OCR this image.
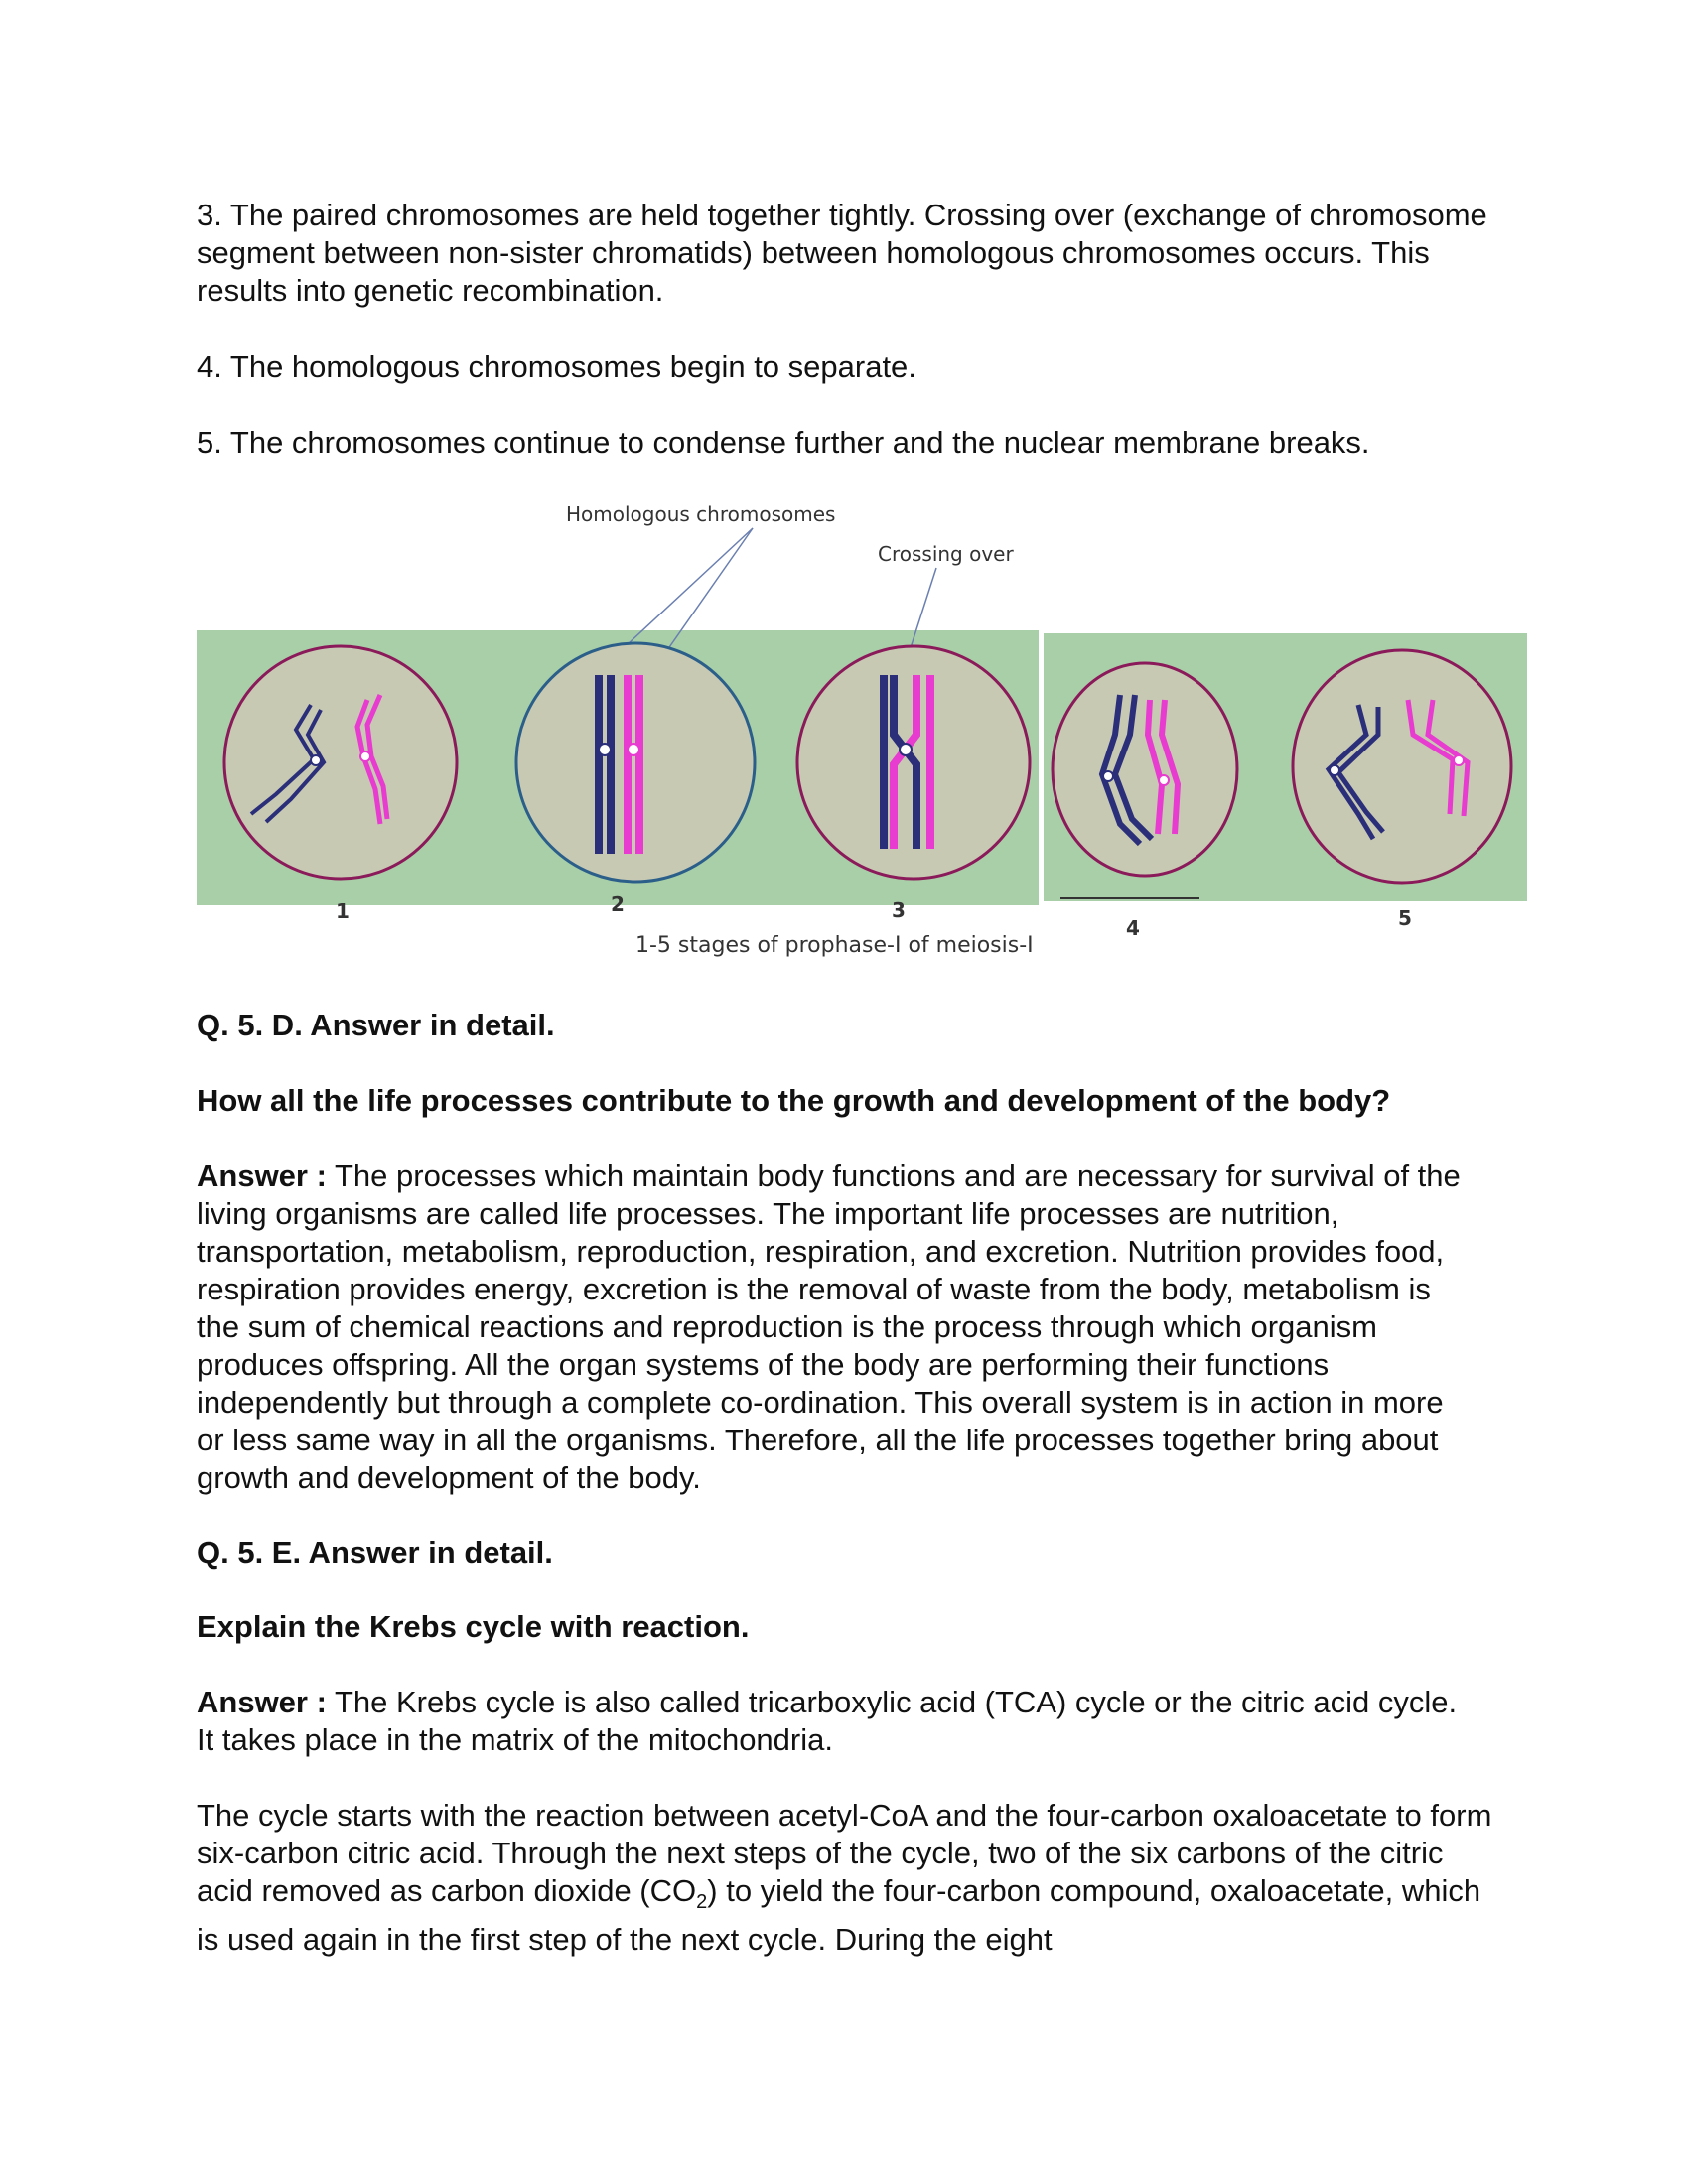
3. The paired chromosomes are held together tightly. Crossing over (exchange of chromosome segment between non-sister chromatids) between homologous chromosomes occurs. This results into genetic recombination.

4. The homologous chromosomes begin to separate.

5. The chromosomes continue to condense further and the nuclear membrane breaks.

Homologous chromosomes
Crossing over
1	2	3
4	5
1-5 stages of prophase-I of meiosis-I

Q. 5. D. Answer in detail.

How all the life processes contribute to the growth and development of the body?

Answer : The processes which maintain body functions and are necessary for survival of the living organisms are called life processes. The important life processes are nutrition, transportation, metabolism, reproduction, respiration, and excretion. Nutrition provides food, respiration provides energy, excretion is the removal of waste from the body, metabolism is the sum of chemical reactions and reproduction is the process through which organism produces offspring. All the organ systems of the body are performing their functions independently but through a complete co-ordination. This overall system is in action in more or less same way in all the organisms. Therefore, all the life processes together bring about growth and development of the body.

Q. 5. E. Answer in detail.

Explain the Krebs cycle with reaction.

Answer : The Krebs cycle is also called tricarboxylic acid (TCA) cycle or the citric acid cycle. It takes place in the matrix of the mitochondria.

The cycle starts with the reaction between acetyl-CoA and the four-carbon oxaloacetate to form six-carbon citric acid. Through the next steps of the cycle, two of the six carbons of the citric acid removed as carbon dioxide $(CO_2)$ to yield the four-carbon compound, oxaloacetate, which is used again in the first step of the next cycle. During the eight
